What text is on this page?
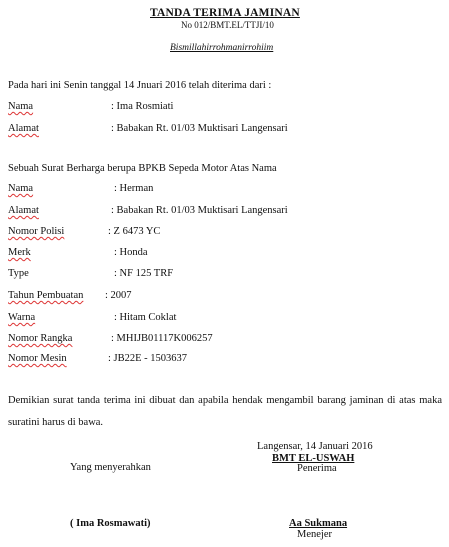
TANDA TERIMA JAMINAN
No 012/BMT.EL/TTJI/10
Bismillahirrohmanirrohiim
Pada hari ini Senin tanggal 14 Jnuari 2016 telah diterima dari :
Nama	: Ima Rosmiati
Alamat	: Babakan Rt. 01/03 Muktisari Langensari
Sebuah Surat Berharga berupa BPKB Sepeda Motor Atas Nama
Nama	: Herman
Alamat	: Babakan Rt. 01/03 Muktisari Langensari
Nomor Polisi	: Z 6473 YC
Merk	: Honda
Type	: NF 125 TRF
Tahun Pembuatan : 2007
Warna	: Hitam Coklat
Nomor Rangka	: MHIJB01117K006257
Nomor Mesin	: JB22E - 1503637
Demikian surat tanda terima ini dibuat dan apabila hendak mengambil barang jaminan di atas maka suratini harus di bawa.
Langensar, 14 Januari 2016
BMT EL-USWAH
Yang menyerahkan	Penerima
( Ima Rosmawati)	Aa Sukmana
Menejer
